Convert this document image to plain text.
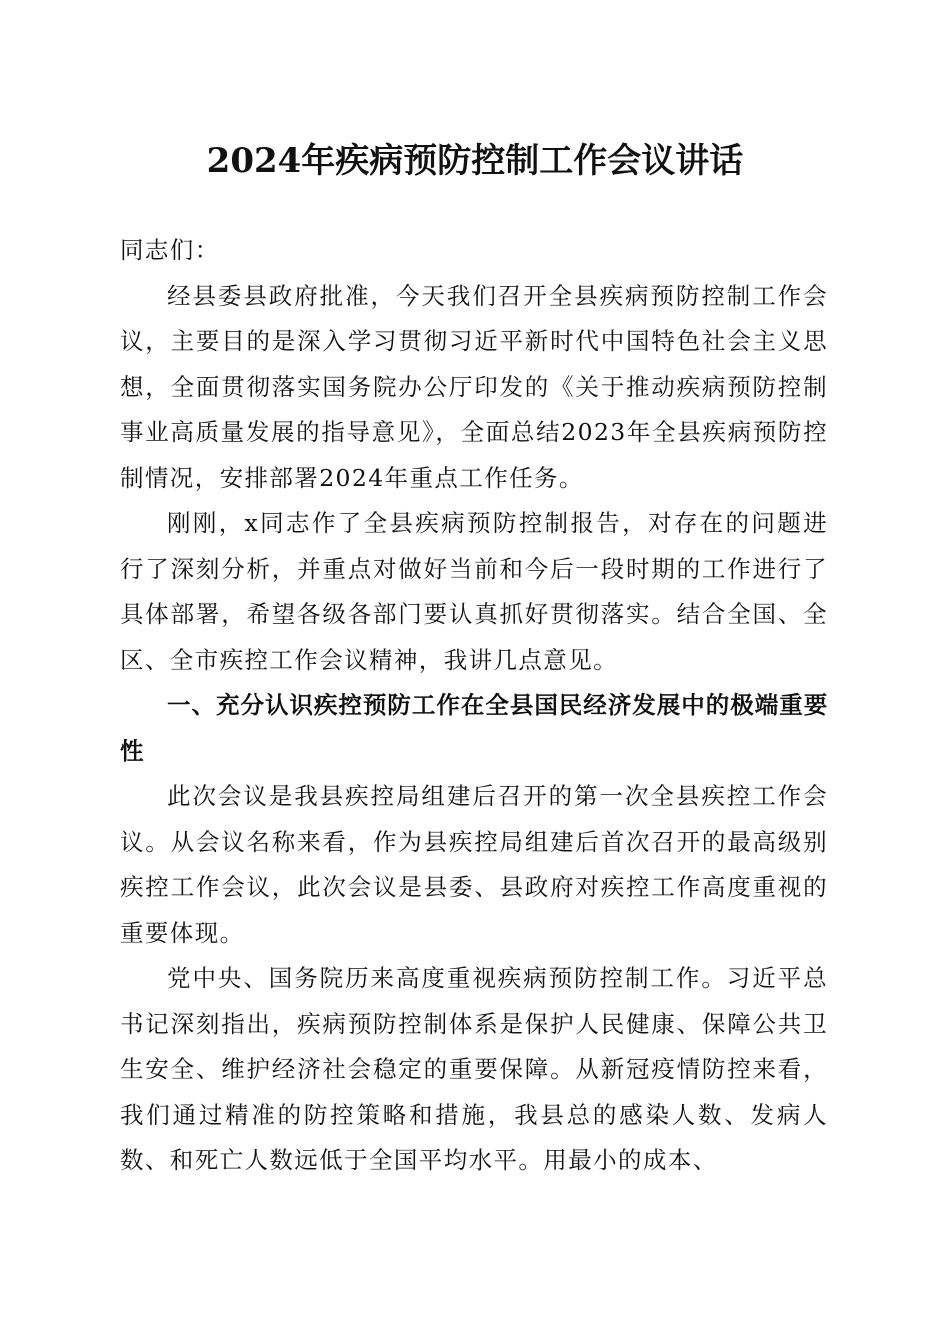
2024年疾病预防控制工作会议讲话

同志们：

经县委县政府批准，今天我们召开全县疾病预防控制工作会议，主要目的是深入学习贯彻习近平新时代中国特色社会主义思想，全面贯彻落实国务院办公厅印发的《关于推动疾病预防控制事业高质量发展的指导意见》，全面总结2023年全县疾病预防控制情况，安排部署2024年重点工作任务。

刚刚，x同志作了全县疾病预防控制报告，对存在的问题进行了深刻分析，并重点对做好当前和今后一段时期的工作进行了具体部署，希望各级各部门要认真抓好贯彻落实。结合全国、全区、全市疾控工作会议精神，我讲几点意见。

一、充分认识疾控预防工作在全县国民经济发展中的极端重要性

此次会议是我县疾控局组建后召开的第一次全县疾控工作会议。从会议名称来看，作为县疾控局组建后首次召开的最高级别疾控工作会议，此次会议是县委、县政府对疾控工作高度重视的重要体现。

党中央、国务院历来高度重视疾病预防控制工作。习近平总书记深刻指出，疾病预防控制体系是保护人民健康、保障公共卫生安全、维护经济社会稳定的重要保障。从新冠疫情防控来看，我们通过精准的防控策略和措施，我县总的感染人数、发病人数、和死亡人数远低于全国平均水平。用最小的成本、
